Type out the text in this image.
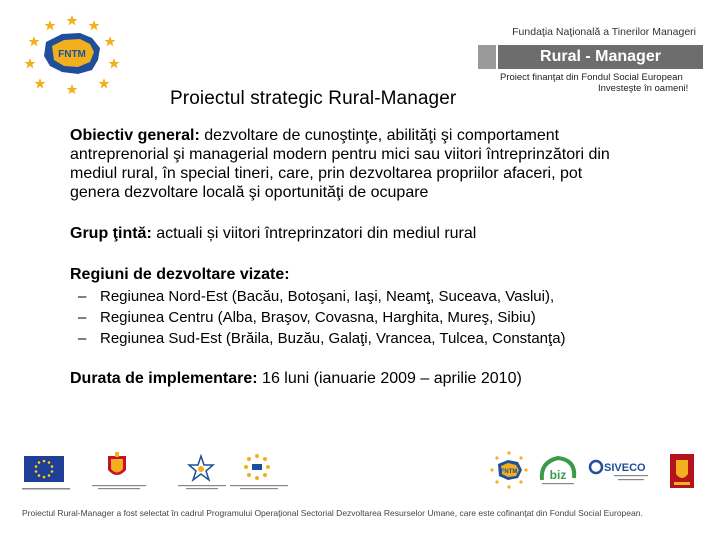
FNTM
Fundaţia Naţională a Tinerilor Manageri
Rural - Manager
Proiect finanţat din Fondul Social European
Investeşte în oameni!
Proiectul strategic Rural-Manager

Obiectiv general: dezvoltare de cunoştinţe, abilităţi şi comportament antreprenorial şi managerial modern pentru mici sau viitori întreprinzători din mediul rural, în special tineri, care, prin dezvoltarea propriilor afaceri, pot genera dezvoltare locală şi oportunităţi de ocupare

Grup ţintă: actuali și viitori întreprinzatori din mediul rural

Regiuni de dezvoltare vizate:

– Regiunea Nord-Est (Bacău, Botoşani, Iaşi, Neamţ, Suceava, Vaslui),
– Regiunea Centru (Alba, Braşov, Covasna, Harghita, Mureş, Sibiu)
– Regiunea Sud-Est (Brăila, Buzău, Galaţi, Vrancea, Tulcea, Constanţa)

Durata de implementare: 16 luni (ianuarie 2009 – aprilie 2010)

FNTM	biz	SIVECO
Proiectul Rural-Manager a fost selectat în cadrul Programului Operaţional Sectorial Dezvoltarea Resurselor Umane, care este cofinanţat din Fondul Social European.
